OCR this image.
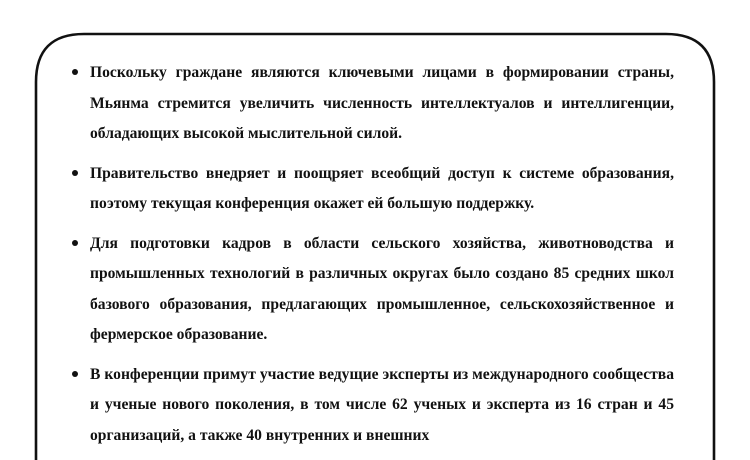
Поскольку граждане являются ключевыми лицами в формировании страны, Мьянма стремится увеличить численность интеллектуалов и интеллигенции, обладающих высокой мыслительной силой.
Правительство внедряет и поощряет всеобщий доступ к системе образования, поэтому текущая конференция окажет ей большую поддержку.
Для подготовки кадров в области сельского хозяйства, животноводства и промышленных технологий в различных округах было создано 85 средних школ базового образования, предлагающих промышленное, сельскохозяйственное и фермерское образование.
В конференции примут участие ведущие эксперты из международного сообщества и ученые нового поколения, в том числе 62 ученых и эксперта из 16 стран и 45 организаций, а также 40 внутренних и внешних
